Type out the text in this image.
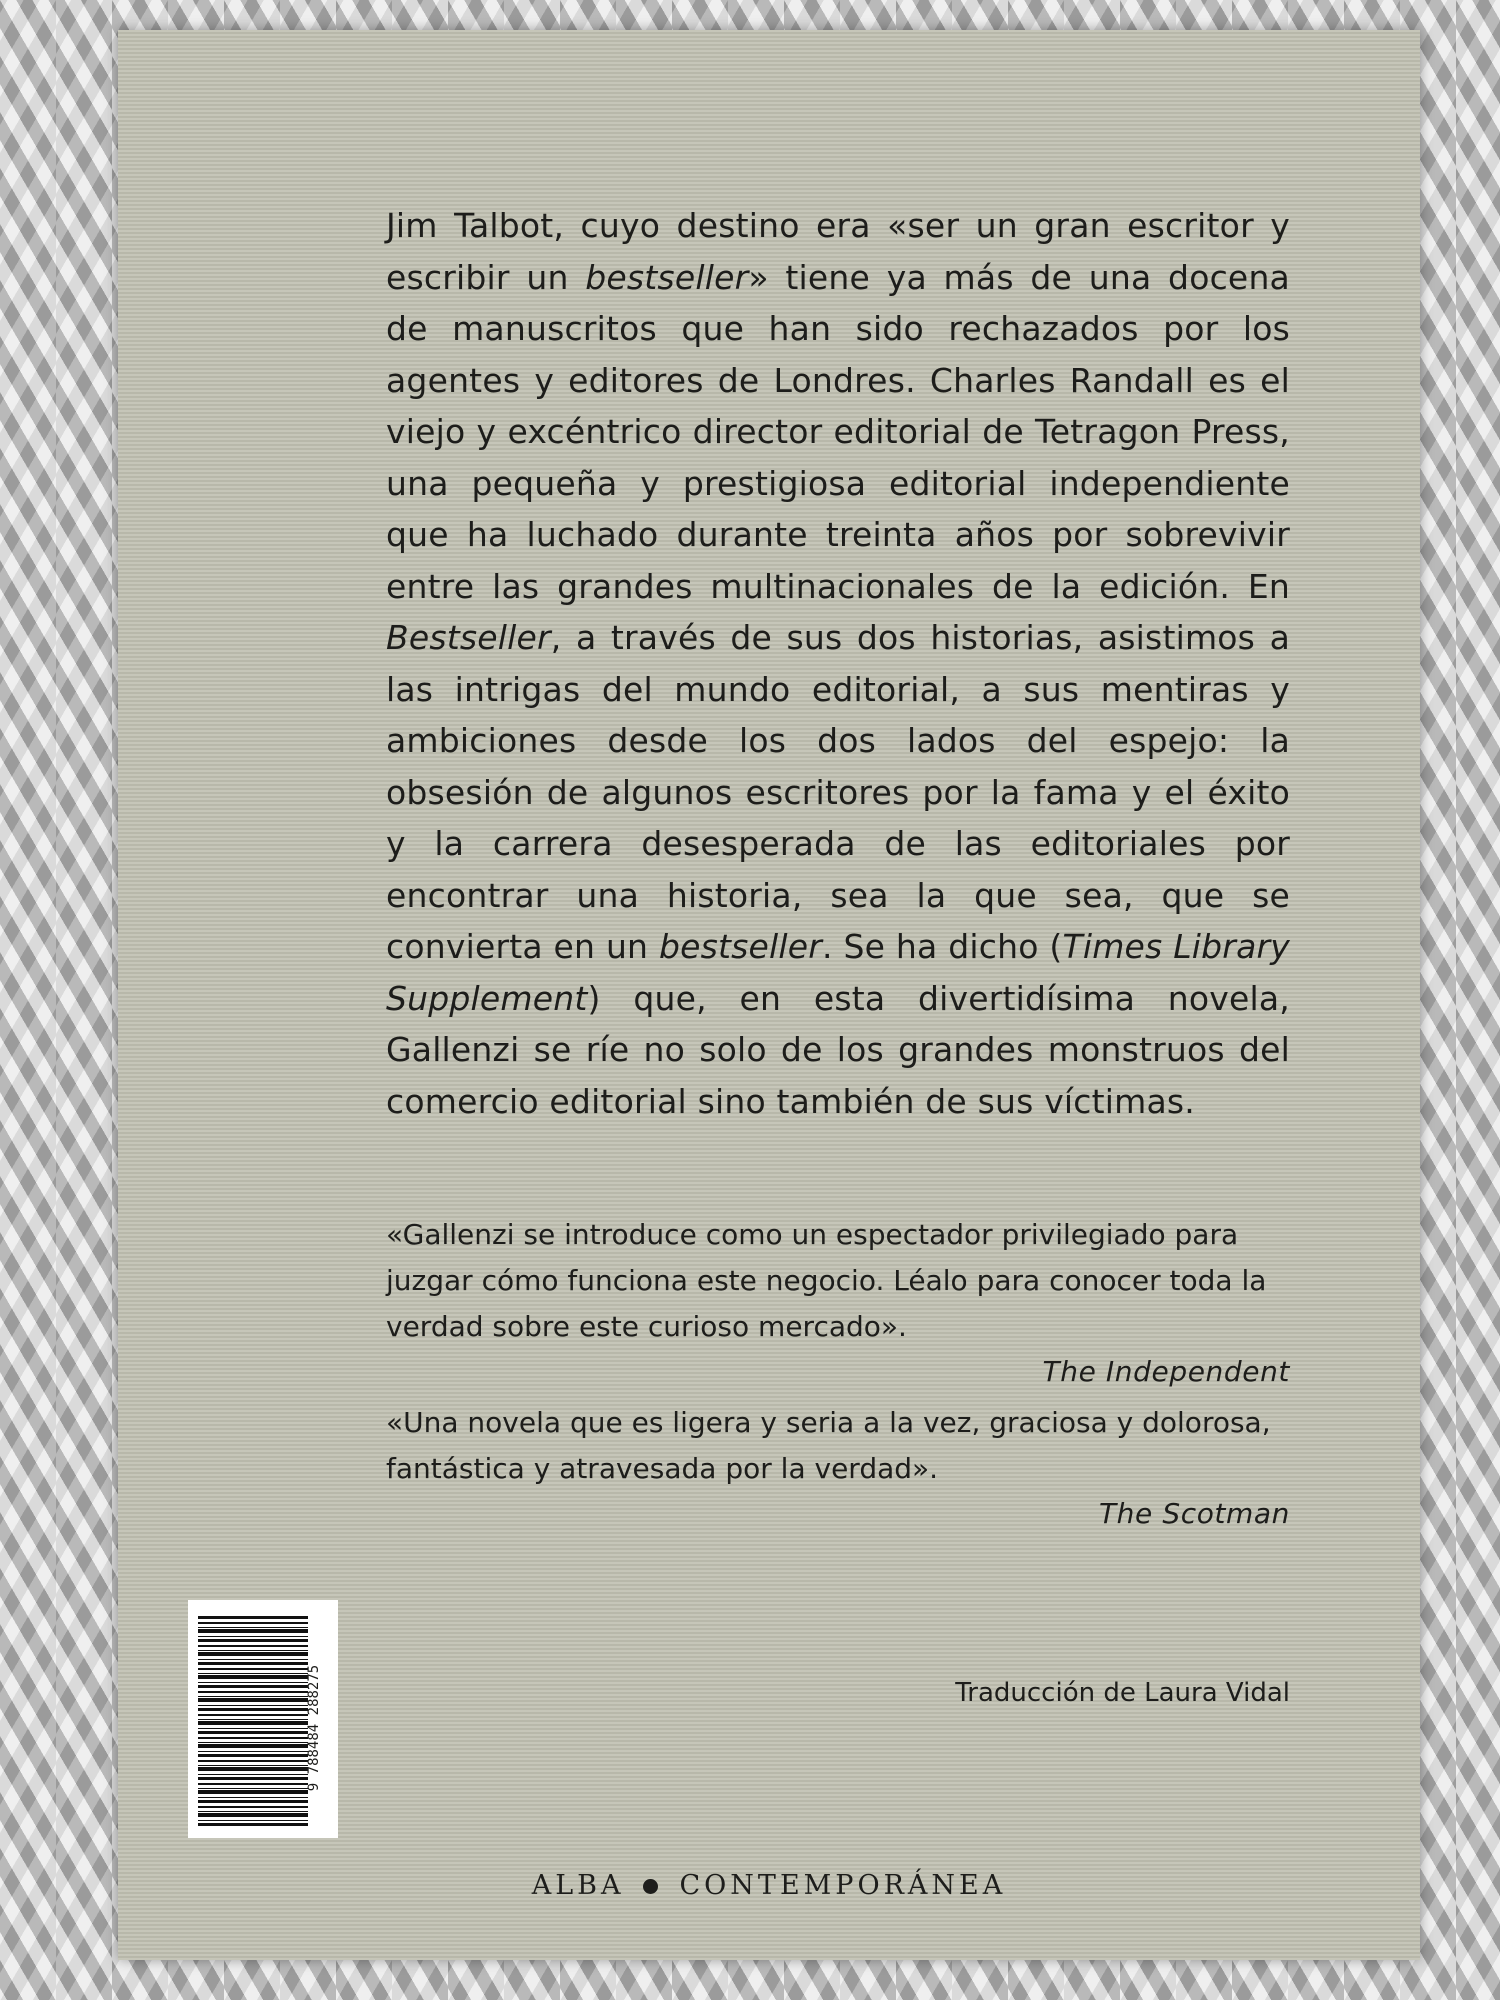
Jim Talbot, cuyo destino era «ser un gran escritor y escribir un bestseller» tiene ya más de una docena de manuscritos que han sido rechazados por los agentes y editores de Londres. Charles Randall es el viejo y excéntrico director editorial de Tetragon Press, una pequeña y prestigiosa editorial independiente que ha luchado durante treinta años por sobrevivir entre las grandes multinacionales de la edición. En Bestseller, a través de sus dos historias, asistimos a las intrigas del mundo editorial, a sus mentiras y ambiciones desde los dos lados del espejo: la obsesión de algunos escritores por la fama y el éxito y la carrera desesperada de las editoriales por encontrar una historia, sea la que sea, que se convierta en un bestseller. Se ha dicho (Times Library Supplement) que, en esta divertidísima novela, Gallenzi se ríe no solo de los grandes monstruos del comercio editorial sino también de sus víctimas.

«Gallenzi se introduce como un espectador privilegiado para juzgar cómo funciona este negocio. Léalo para conocer toda la verdad sobre este curioso mercado».
The Independent
«Una novela que es ligera y seria a la vez, graciosa y dolorosa, fantástica y atravesada por la verdad».
The Scotman
Traducción de Laura Vidal
9 788484 288275
ALBA CONTEMPORÁNEA
